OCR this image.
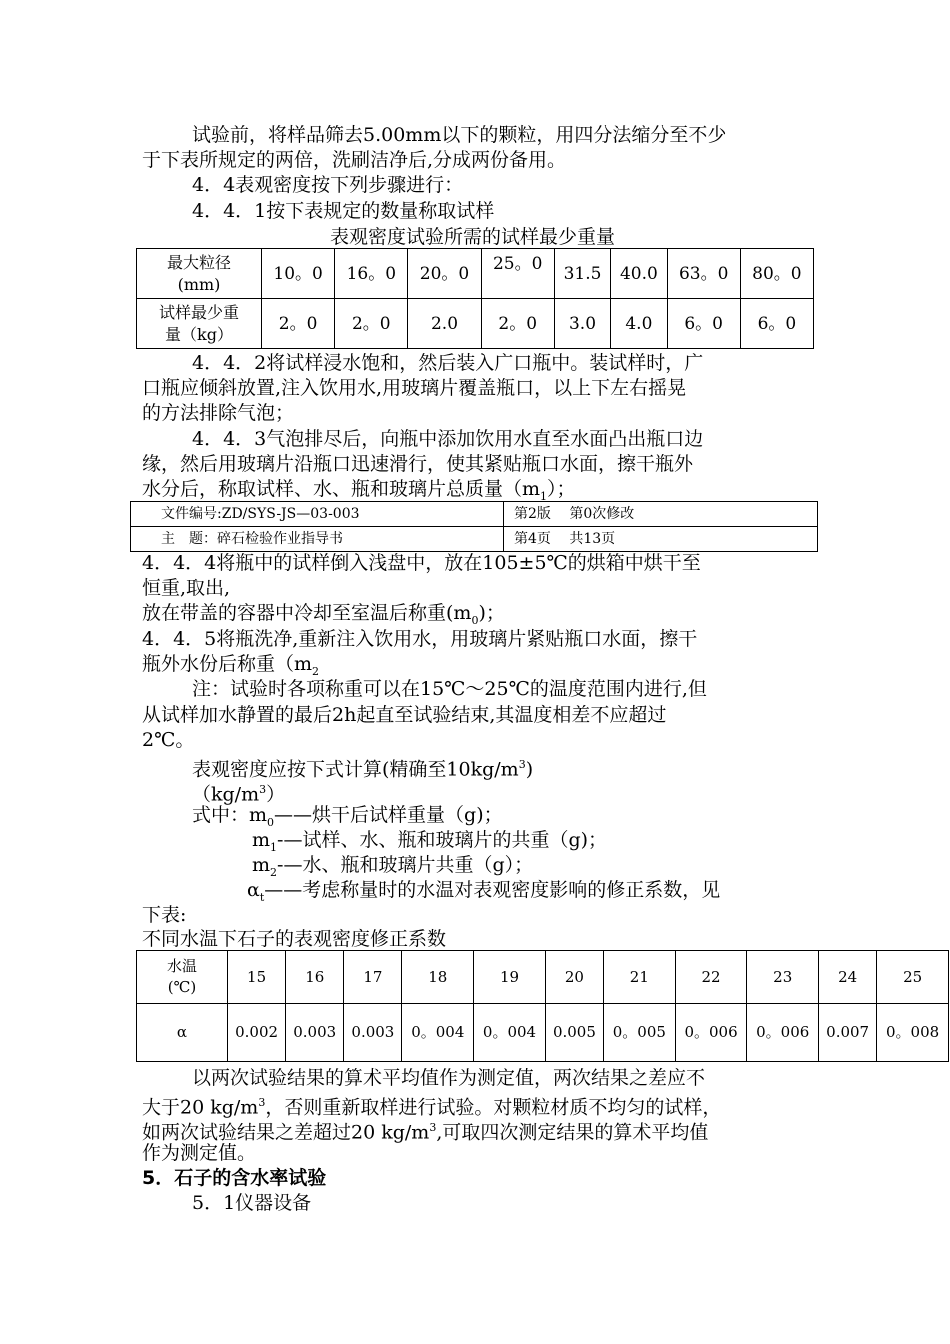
试验前，将样品筛去5.00mm以下的颗粒，用四分法缩分至不少
于下表所规定的两倍，洗刷洁净后,分成两份备用。
4．4表观密度按下列步骤进行：
4．4．1按下表规定的数量称取试样
表观密度试验所需的试样最少重量
最大粒径
(mm)	10。0	16。0	20。0	25。0	31.5	40.0	63。0	80。0

试样最少重
量（kg）	2。0	2。0	2.0	2。0	3.0	4.0	6。0	6。0
4．4．2将试样浸水饱和，然后装入广口瓶中。装试样时，广
口瓶应倾斜放置,注入饮用水,用玻璃片覆盖瓶口，以上下左右摇晃
的方法排除气泡；
4．4．3气泡排尽后，向瓶中添加饮用水直至水面凸出瓶口边
缘，然后用玻璃片沿瓶口迅速滑行，使其紧贴瓶口水面，擦干瓶外
水分后，称取试样、水、瓶和玻璃片总质量$(m_1)$；
文件编号:ZD/SYS-JS—03-003	第2版　 第0次修改
主　题：碎石检验作业指导书	第4页　 共13页
4．4．4将瓶中的试样倒入浅盘中，放在105±5℃的烘箱中烘干至
恒重,取出,
放在带盖的容器中冷却至室温后称重$(m_0)$；
4．4．5将瓶洗净,重新注入饮用水，用玻璃片紧贴瓶口水面，擦干
瓶外水份后称重（$m_2$
注：试验时各项称重可以在15℃～25℃的温度范围内进行,但
从试样加水静置的最后2h起直至试验结束,其温度相差不应超过
2℃。
表观密度应按下式计算(精确至$10kg/m^3$)
$(kg/m^3)$
式中：$m_0——$烘干后试样重量（g)；
$m_1-—$试样、水、瓶和玻璃片的共重（g)；
$m_2-—$水、瓶和玻璃片共重（g）；
$\alpha_t——$考虑称量时的水温对表观密度影响的修正系数，见
下表:
不同水温下石子的表观密度修正系数
水温
(℃)	15	16	17	18	19	20	21	22	23	24	25
α	0.002	0.003	0.003	0。004	0。004	0.005	0。005	0。006	0。006	0.007	0。008
以两次试验结果的算术平均值作为测定值，两次结果之差应不
大于20 $kg/m^3$，否则重新取样进行试验。对颗粒材质不均匀的试样，
如两次试验结果之差超过20 $kg/m^3$,可取四次测定结果的算术平均值
作为测定值。
5．石子的含水率试验
5．1仪器设备
